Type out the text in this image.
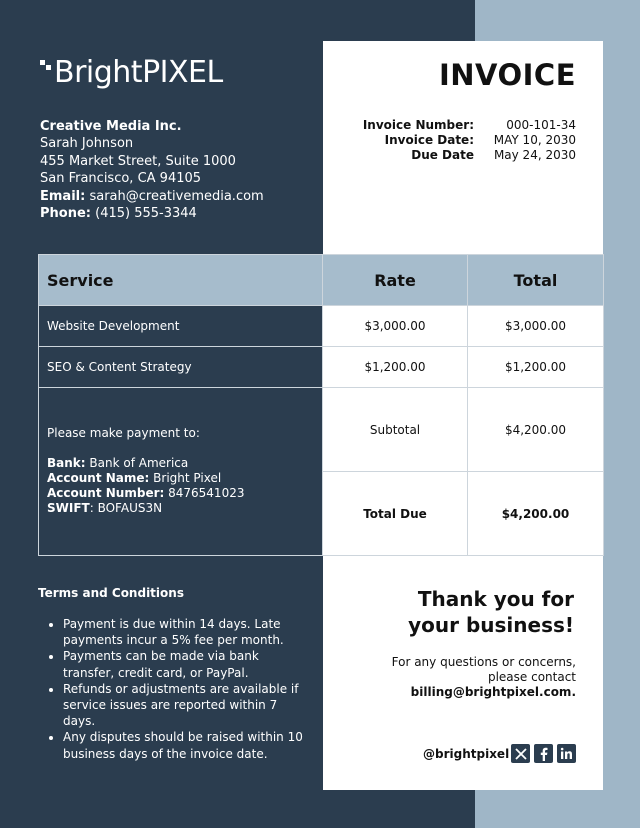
BrightPIXEL
Creative Media Inc.
Sarah Johnson
455 Market Street, Suite 1000
San Francisco, CA 94105
Email: sarah@creativemedia.com
Phone: (415) 555-3344
INVOICE
Invoice Number:	000-101-34
Invoice Date:	MAY 10, 2030
Due Date	May 24, 2030
Service	Rate	Total
Website Development	$3,000.00	$3,000.00
SEO & Content Strategy	$1,200.00	$1,200.00

Please make payment to:
Bank: Bank of America
Account Name: Bright Pixel
Account Number: 8476541023
SWIFT: BOFAUS3N	Subtotal	$4,200.00
	Total Due	$4,200.00
Terms and Conditions
• Payment is due within 14 days. Late payments incur a 5% fee per month.
• Payments can be made via bank transfer, credit card, or PayPal.
• Refunds or adjustments are available if service issues are reported within 7 days.
• Any disputes should be raised within 10 business days of the invoice date.
Thank you for
your business!
For any questions or concerns,
please contact
billing@brightpixel.com.
@brightpixel
